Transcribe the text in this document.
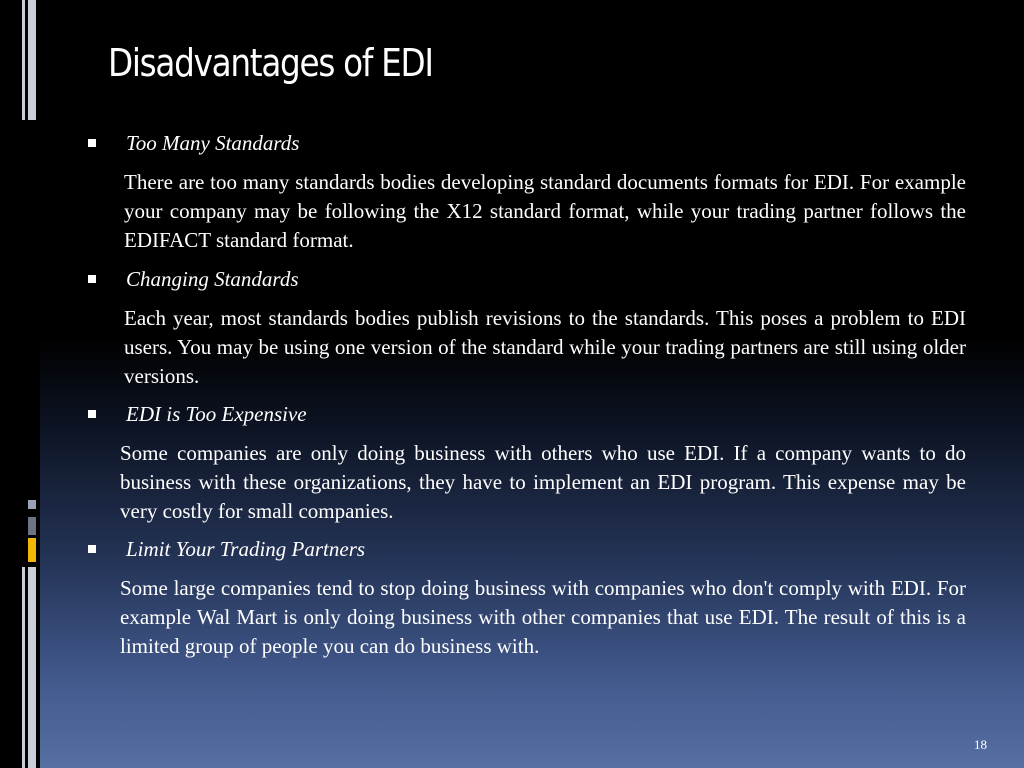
Disadvantages of EDI
Too Many Standards

There are too many standards bodies developing standard documents formats for EDI. For example your company may be following the X12 standard format, while your trading partner follows the EDIFACT standard format.

Changing Standards

Each year, most standards bodies publish revisions to the standards. This poses a problem to EDI users. You may be using one version of the standard while your trading partners are still using older versions.

EDI is Too Expensive

Some companies are only doing business with others who use EDI. If a company wants to do business with these organizations, they have to implement an EDI program. This expense may be very costly for small companies.

Limit Your Trading Partners

Some large companies tend to stop doing business with companies who don't comply with EDI. For example Wal Mart is only doing business with other companies that use EDI. The result of this is a limited group of people you can do business with.

18
